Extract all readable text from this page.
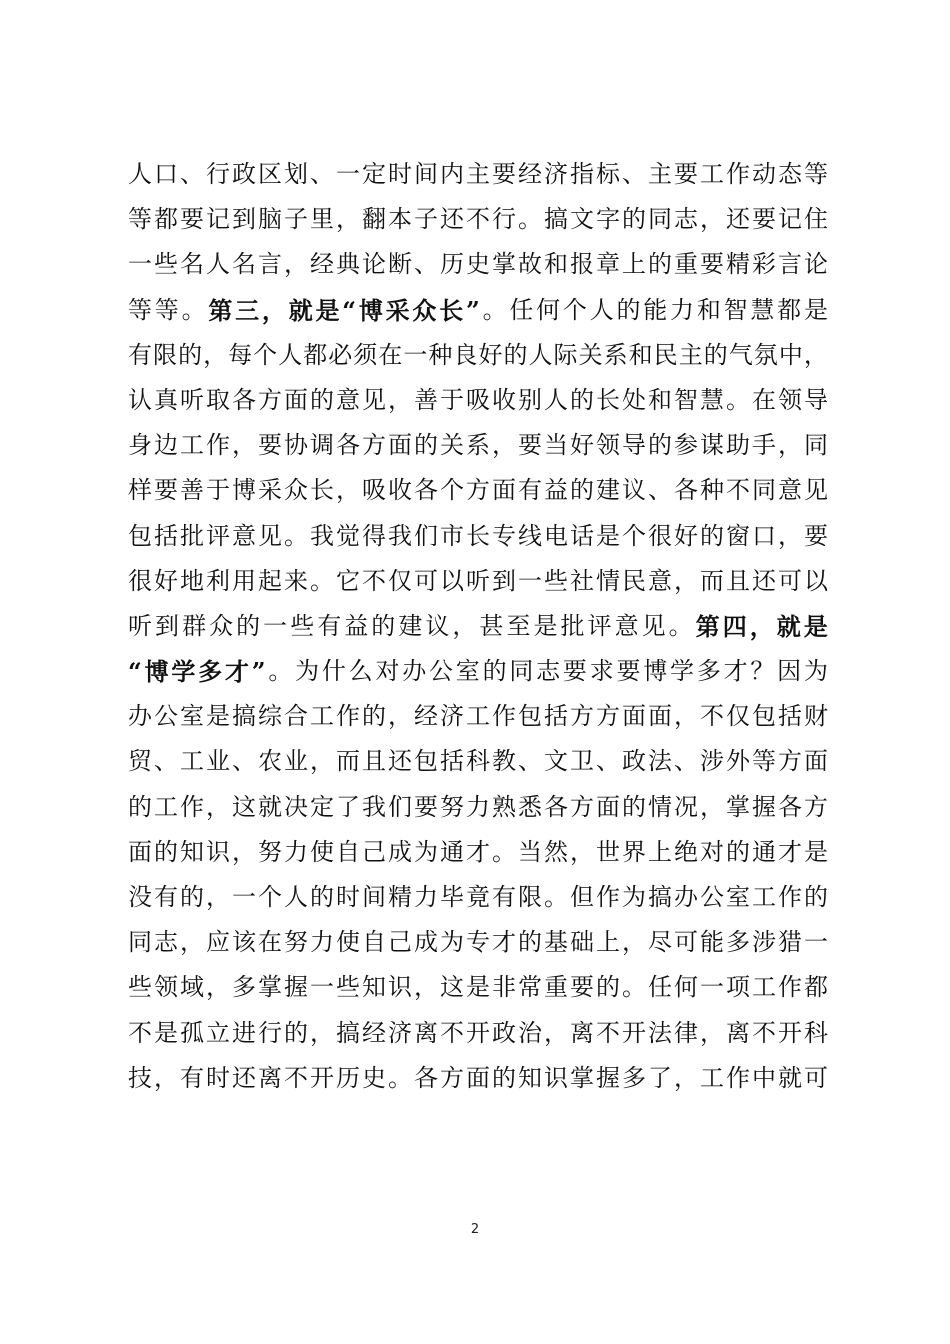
人 口 、 行 政 区 划 、 一 定 时 间 内 主 要 经 济 指 标 、 主 要 工 作 动 态 等
等 都 要 记 到 脑 子 里 ， 翻 本 子 还 不 行 。 搞 文 字 的 同 志 ， 还 要 记 住
一 些 名 人 名 言 ， 经 典 论 断 、 历 史 掌 故 和 报 章 上 的 重 要 精 彩 言 论
等 等 。 第 三 ， 就 是 “ 博 采 众 长 ” 。 任 何 个 人 的 能 力 和 智 慧 都 是
有 限 的 ， 每 个 人 都 必 须 在 一 种 良 好 的 人 际 关 系 和 民 主 的 气 氛 中 ，
认 真 听 取 各 方 面 的 意 见 ， 善 于 吸 收 别 人 的 长 处 和 智 慧 。 在 领 导
身 边 工 作 ， 要 协 调 各 方 面 的 关 系 ， 要 当 好 领 导 的 参 谋 助 手 ， 同
样 要 善 于 博 采 众 长 ， 吸 收 各 个 方 面 有 益 的 建 议 、 各 种 不 同 意 见
包 括 批 评 意 见 。 我 觉 得 我 们 市 长 专 线 电 话 是 个 很 好 的 窗 口 ， 要
很 好 地 利 用 起 来 。 它 不 仅 可 以 听 到 一 些 社 情 民 意 ， 而 且 还 可 以
听 到 群 众 的 一 些 有 益 的 建 议 ， 甚 至 是 批 评 意 见 。 第 四 ， 就 是
“ 博 学 多 才 ” 。 为 什 么 对 办 公 室 的 同 志 要 求 要 博 学 多 才 ？ 因 为
办 公 室 是 搞 综 合 工 作 的 ， 经 济 工 作 包 括 方 方 面 面 ， 不 仅 包 括 财
贸 、 工 业 、 农 业 ， 而 且 还 包 括 科 教 、 文 卫 、 政 法 、 涉 外 等 方 面
的 工 作 ， 这 就 决 定 了 我 们 要 努 力 熟 悉 各 方 面 的 情 况 ， 掌 握 各 方
面 的 知 识 ， 努 力 使 自 己 成 为 通 才 。 当 然 ， 世 界 上 绝 对 的 通 才 是
没 有 的 ， 一 个 人 的 时 间 精 力 毕 竟 有 限 。 但 作 为 搞 办 公 室 工 作 的
同 志 ， 应 该 在 努 力 使 自 己 成 为 专 才 的 基 础 上 ， 尽 可 能 多 涉 猎 一
些 领 域 ， 多 掌 握 一 些 知 识 ， 这 是 非 常 重 要 的 。 任 何 一 项 工 作 都
不 是 孤 立 进 行 的 ， 搞 经 济 离 不 开 政 治 ， 离 不 开 法 律 ， 离 不 开 科
技 ， 有 时 还 离 不 开 历 史 。 各 方 面 的 知 识 掌 握 多 了 ， 工 作 中 就 可
2
